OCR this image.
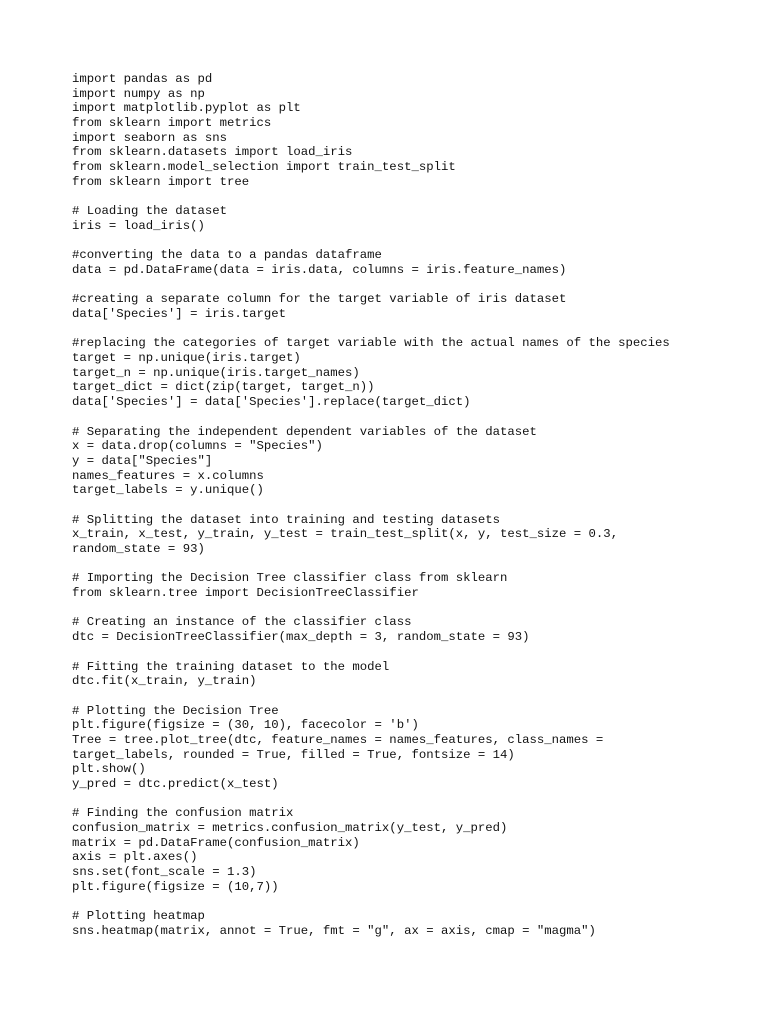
import pandas as pd
import numpy as np
import matplotlib.pyplot as plt
from sklearn import metrics
import seaborn as sns
from sklearn.datasets import load_iris
from sklearn.model_selection import train_test_split
from sklearn import tree
# Loading the dataset
iris = load_iris()
#converting the data to a pandas dataframe
data = pd.DataFrame(data = iris.data, columns = iris.feature_names)
#creating a separate column for the target variable of iris dataset
data['Species'] = iris.target
#replacing the categories of target variable with the actual names of the species
target = np.unique(iris.target)
target_n = np.unique(iris.target_names)
target_dict = dict(zip(target, target_n))
data['Species'] = data['Species'].replace(target_dict)
# Separating the independent dependent variables of the dataset
x = data.drop(columns = "Species")
y = data["Species"]
names_features = x.columns
target_labels = y.unique()
# Splitting the dataset into training and testing datasets
x_train, x_test, y_train, y_test = train_test_split(x, y, test_size = 0.3,
random_state = 93)
# Importing the Decision Tree classifier class from sklearn
from sklearn.tree import DecisionTreeClassifier
# Creating an instance of the classifier class
dtc = DecisionTreeClassifier(max_depth = 3, random_state = 93)
# Fitting the training dataset to the model
dtc.fit(x_train, y_train)
# Plotting the Decision Tree
plt.figure(figsize = (30, 10), facecolor = 'b')
Tree = tree.plot_tree(dtc, feature_names = names_features, class_names =
target_labels, rounded = True, filled = True, fontsize = 14)
plt.show()
y_pred = dtc.predict(x_test)
# Finding the confusion matrix
confusion_matrix = metrics.confusion_matrix(y_test, y_pred)
matrix = pd.DataFrame(confusion_matrix)
axis = plt.axes()
sns.set(font_scale = 1.3)
plt.figure(figsize = (10,7))
# Plotting heatmap
sns.heatmap(matrix, annot = True, fmt = "g", ax = axis, cmap = "magma")
